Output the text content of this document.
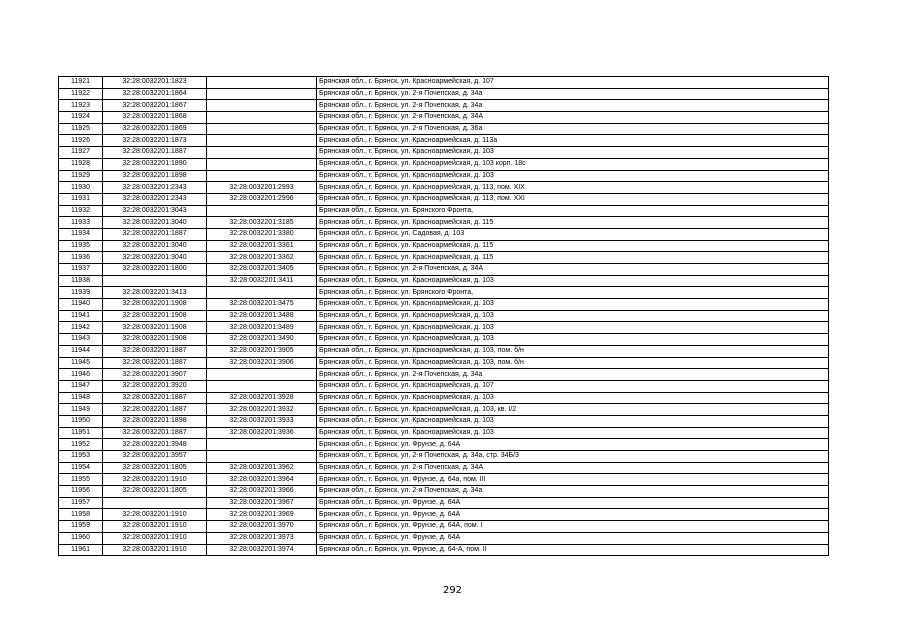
11921	32:28:0032201:1823		Брянская обл., г. Брянск, ул. Красноармейская, д. 107
11922	32:28:0032201:1864		Брянская обл., г. Брянск, ул. 2-я Почепская, д. 34а
11923	32:28:0032201:1867		Брянская обл., г. Брянск, ул. 2-я Почепская, д. 34а
11924	32:28:0032201:1868		Брянская обл., г. Брянск, ул. 2-я Почепская, д. 34А
11925	32:28:0032201:1869		Брянская обл., г. Брянск, ул. 2-я Почепская, д. 36а
11926	32:28:0032201:1873		Брянская обл., г. Брянск, ул. Красноармейская, д. 113а
11927	32:28:0032201:1887		Брянская обл., г. Брянск, ул. Красноармейская, д. 103
11928	32:28:0032201:1890		Брянская обл., г. Брянск, ул. Красноармейская, д. 103 корп. 18с
11929	32:28:0032201:1898		Брянская обл., г. Брянск, ул. Красноармейская, д. 103
11930	32:28:0032201:2343	32:28:0032201:2993	Брянская обл., г. Брянск, ул. Красноармейская, д. 113, пом. XIX
11931	32:28:0032201:2343	32:28:0032201:2996	Брянская обл., г. Брянск, ул. Красноармейская, д. 113, пом. XXI
11932	32:28:0032201:3043		Брянская обл., г. Брянск, ул. Брянского Фронта,
11933	32:28:0032201:3040	32:28:0032201:3185	Брянская обл., г. Брянск, ул. Красноармейская, д. 115
11934	32:28:0032201:1887	32:28:0032201:3380	Брянская обл., г. Брянск, ул. Садовая, д. 103
11935	32:28:0032201:3040	32:28:0032201:3361	Брянская обл., г. Брянск, ул. Красноармейская, д. 115
11936	32:28:0032201:3040	32:28:0032201:3362	Брянская обл., г. Брянск, ул. Красноармейская, д. 115
11937	32:28:0032201:1800	32:28:0032201:3405	Брянская обл., г. Брянск, ул. 2-я Почепская, д. 34А
11938		32:28:0032201:3411	Брянская обл., г. Брянск, ул. Красноармейская, д. 103
11939	32:28:0032201:3413		Брянская обл., г. Брянск, ул. Брянского Фронта,
11940	32:28:0032201:1908	32:28:0032201:3475	Брянская обл., г. Брянск, ул. Красноармейская, д. 103
11941	32:28:0032201:1908	32:28:0032201:3488	Брянская обл., г. Брянск, ул. Красноармейская, д. 103
11942	32:28:0032201:1908	32:28:0032201:3489	Брянская обл., г. Брянск, ул. Красноармейская, д. 103
11943	32:28:0032201:1908	32:28:0032201:3490	Брянская обл., г. Брянск, ул. Красноармейская, д. 103
11944	32:28:0032201:1887	32:28:0032201:3905	Брянская обл., г. Брянск, ул. Красноармейская, д. 103, пом. б/н
11945	32:28:0032201:1887	32:28:0032201:3906	Брянская обл., г. Брянск, ул. Красноармейская, д. 103, пом. б/н
11946	32:28:0032201:3907		Брянская обл., г. Брянск, ул. 2-я Почепская, д. 34а
11947	32:28:0032201:3920		Брянская обл., г. Брянск, ул. Красноармейская, д. 107
11948	32:28:0032201:1887	32:28:0032201:3928	Брянская обл., г. Брянск, ул. Красноармейская, д. 103
11949	32:28:0032201:1887	32:28:0032201:3932	Брянская обл., г. Брянск, ул. Красноармейская, д. 103, кв. I/2
11950	32:28:0032201:1898	32:28:0032201:3933	Брянская обл., г. Брянск, ул. Красноармейская, д. 103
11951	32:28:0032201:1887	32:28:0032201:3936	Брянская обл., г. Брянск, ул. Красноармейская, д. 103
11952	32:28:0032201:3948		Брянская обл., г. Брянск, ул. Фрунзе, д. 64А
11953	32:28:0032201:3957		Брянская обл., г. Брянск, ул. 2-я Почепская, д. 34а, стр. 34Б/3
11954	32:28:0032201:1805	32:28:0032201:3962	Брянская обл., г. Брянск, ул. 2-я Почепская, д. 34А
11955	32:28:0032201:1910	32:28:0032201:3964	Брянская обл., г. Брянск, ул. Фрунзе, д. 64а, пом. III
11956	32:28:0032201:1805	32:28:0032201:3966	Брянская обл., г. Брянск, ул. 2-я Почепская, д. 34а
11957		32:28:0032201:3967	Брянская обл., г. Брянск, ул. Фрунзе, д. 64А
11958	32:28:0032201:1910	32:28:0032201:3969	Брянская обл., г. Брянск, ул. Фрунзе, д. 64А
11959	32:28:0032201:1910	32:28:0032201:3970	Брянская обл., г. Брянск, ул. Фрунзе, д. 64А, пом. I
11960	32:28:0032201:1910	32:28:0032201:3973	Брянская обл., г. Брянск, ул. Фрунзе, д. 64А
11961	32:28:0032201:1910	32:28:0032201:3974	Брянская обл., г. Брянск, ул. Фрунзе, д. 64-А, пом. II
292
